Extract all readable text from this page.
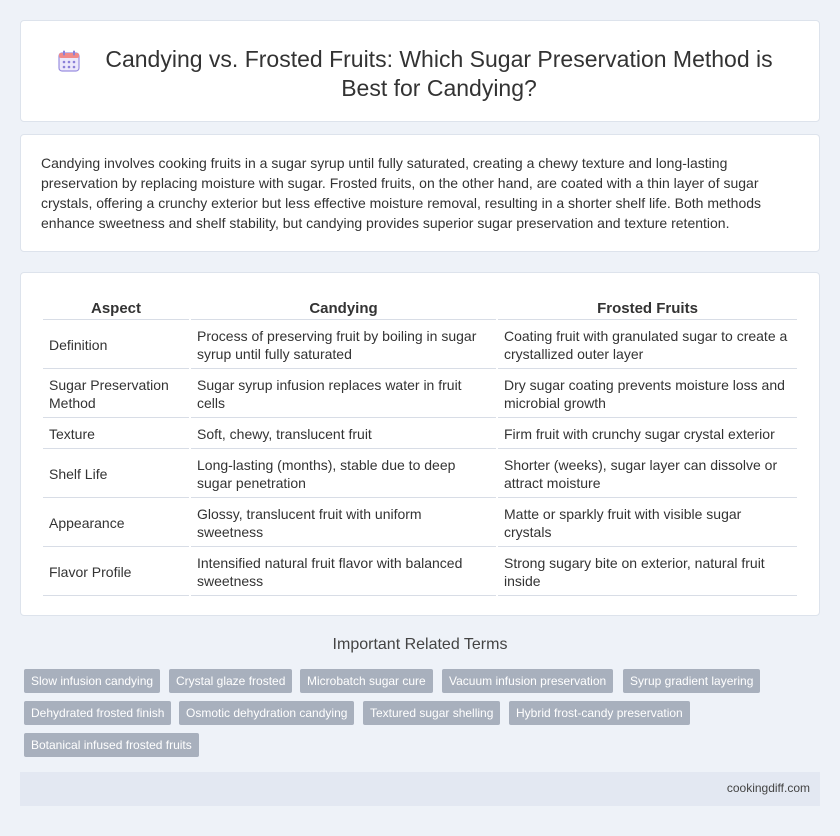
Candying vs. Frosted Fruits: Which Sugar Preservation Method is Best for Candying?

Candying involves cooking fruits in a sugar syrup until fully saturated, creating a chewy texture and long-lasting preservation by replacing moisture with sugar. Frosted fruits, on the other hand, are coated with a thin layer of sugar crystals, offering a crunchy exterior but less effective moisture removal, resulting in a shorter shelf life. Both methods enhance sweetness and shelf stability, but candying provides superior sugar preservation and texture retention.

Aspect	Candying	Frosted Fruits
Definition	Process of preserving fruit by boiling in sugar syrup until fully saturated	Coating fruit with granulated sugar to create a crystallized outer layer
Sugar Preservation Method	Sugar syrup infusion replaces water in fruit cells	Dry sugar coating prevents moisture loss and microbial growth
Texture	Soft, chewy, translucent fruit	Firm fruit with crunchy sugar crystal exterior
Shelf Life	Long-lasting (months), stable due to deep sugar penetration	Shorter (weeks), sugar layer can dissolve or attract moisture
Appearance	Glossy, translucent fruit with uniform sweetness	Matte or sparkly fruit with visible sugar crystals
Flavor Profile	Intensified natural fruit flavor with balanced sweetness	Strong sugary bite on exterior, natural fruit inside
Important Related Terms
Slow infusion candying	Crystal glaze frosted	Microbatch sugar cure	Vacuum infusion preservation	Syrup gradient layering
Dehydrated frosted finish	Osmotic dehydration candying	Textured sugar shelling	Hybrid frost-candy preservation
Botanical infused frosted fruits
cookingdiff.com
